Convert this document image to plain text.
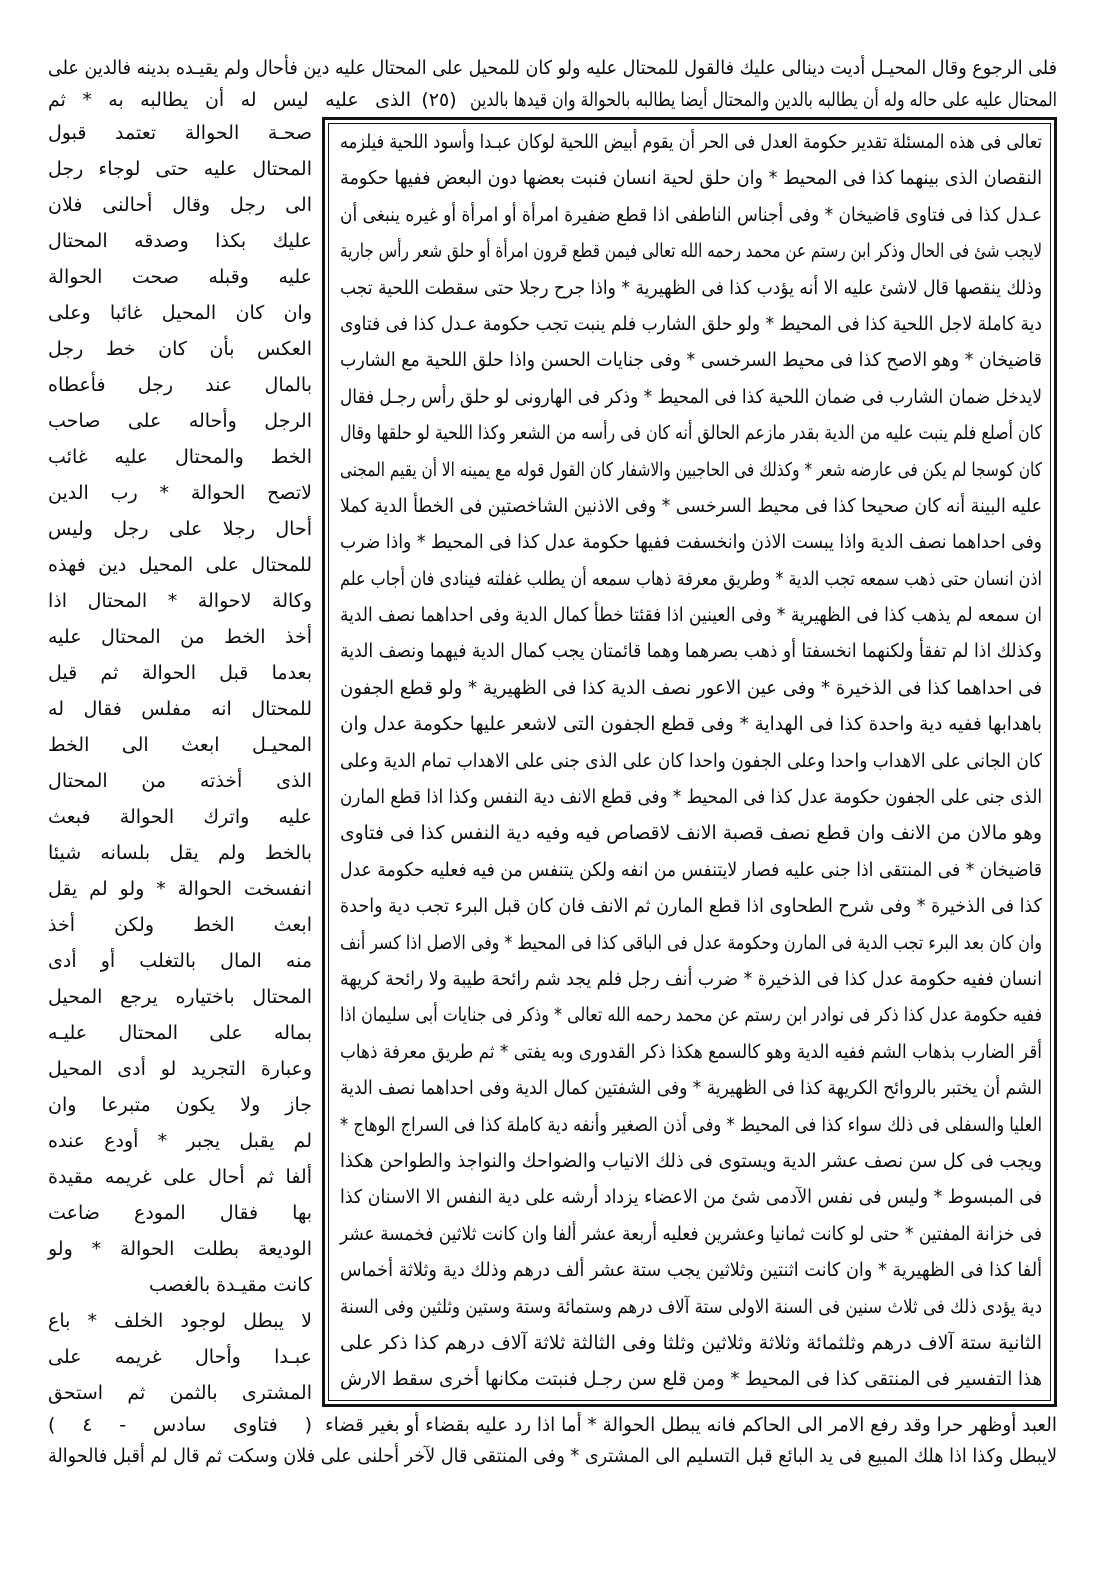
فلى الرجوع وقال المحيـل أديت دينالى عليك فالقول للمحتال عليه ولو كان للمحيل على المحتال عليه دين فأحال ولم يقيـده بدينه فالدين على
المحتال عليه على حاله وله أن يطالبه بالدين والمحتال أيضا يطالبه بالحوالة وان قيدها بالدين
(٢٥)
الذى عليه ليس له أن يطالبه به * ثم
تعالى فى هذه المسئلة تقدير حكومة العدل فى الحر أن يقوم أبيض اللحية لوكان عبـدا وأسود اللحية فيلزمه
النقصان الذى بينهما كذا فى المحيط * وان حلق لحية انسان فنبت بعضها دون البعض ففيها حكومة
عـدل كذا فى فتاوى قاضيخان * وفى أجناس الناطفى اذا قطع ضفيرة امرأة أو امرأة أو غيره ينبغى أن
لايجب شئ فى الحال وذكر ابن رستم عن محمد رحمه الله تعالى فيمن قطع قرون امرأة أو حلق شعر رأس جارية
وذلك ينقصها قال لاشئ عليه الا أنه يؤدب كذا فى الظهيرية * واذا جرح رجلا حتى سقطت اللحية تجب
دية كاملة لاجل اللحية كذا فى المحيط * ولو حلق الشارب فلم ينبت تجب حكومة عـدل كذا فى فتاوى
قاضيخان * وهو الاصح كذا فى محيط السرخسى * وفى جنايات الحسن واذا حلق اللحية مع الشارب
لايدخل ضمان الشارب فى ضمان اللحية كذا فى المحيط * وذكر فى الهارونى لو حلق رأس رجـل فقال
كان أصلع فلم ينبت عليه من الدية بقدر مازعم الحالق أنه كان فى رأسه من الشعر وكذا اللحية لو حلقها وقال
كان كوسجا لم يكن فى عارضه شعر * وكذلك فى الحاجبين والاشفار كان القول قوله مع يمينه الا أن يقيم المجنى
عليه البينة أنه كان صحيحا كذا فى محيط السرخسى * وفى الاذنين الشاخصتين فى الخطأ الدية كملا
وفى احداهما نصف الدية واذا يبست الاذن وانخسفت ففيها حكومة عدل كذا فى المحيط * واذا ضرب
اذن انسان حتى ذهب سمعه تجب الدية * وطريق معرفة ذهاب سمعه أن يطلب غفلته فينادى فان أجاب علم
ان سمعه لم يذهب كذا فى الظهيرية * وفى العينين اذا فقئتا خطأ كمال الدية وفى احداهما نصف الدية
وكذلك اذا لم تفقأ ولكنهما انخسفتا أو ذهب بصرهما وهما قائمتان يجب كمال الدية فيهما ونصف الدية
فى احداهما كذا فى الذخيرة * وفى عين الاعور نصف الدية كذا فى الظهيرية * ولو قطع الجفون
باهدابها ففيه دية واحدة كذا فى الهداية * وفى قطع الجفون التى لاشعر عليها حكومة عدل وان
كان الجانى على الاهداب واحدا وعلى الجفون واحدا كان على الذى جنى على الاهداب تمام الدية وعلى
الذى جنى على الجفون حكومة عدل كذا فى المحيط * وفى قطع الانف دية النفس وكذا اذا قطع المارن
وهو مالان من الانف وان قطع نصف قصبة الانف لاقصاص فيه وفيه دية النفس كذا فى فتاوى
قاضيخان * فى المنتقى اذا جنى عليه فصار لايتنفس من انفه ولكن يتنفس من فيه فعليه حكومة عدل
كذا فى الذخيرة * وفى شرح الطحاوى اذا قطع المارن ثم الانف فان كان قبل البرء تجب دية واحدة
وان كان بعد البرء تجب الدية فى المارن وحكومة عدل فى الباقى كذا فى المحيط * وفى الاصل اذا كسر أنف
انسان ففيه حكومة عدل كذا فى الذخيرة * ضرب أنف رجل فلم يجد شم رائحة طيبة ولا رائحة كريهة
ففيه حكومة عدل كذا ذكر فى نوادر ابن رستم عن محمد رحمه الله تعالى * وذكر فى جنايات أبى سليمان اذا
أقر الضارب بذهاب الشم ففيه الدية وهو كالسمع هكذا ذكر القدورى وبه يفتى * ثم طريق معرفة ذهاب
الشم أن يختبر بالروائح الكريهة كذا فى الظهيرية * وفى الشفتين كمال الدية وفى احداهما نصف الدية
العليا والسفلى فى ذلك سواء كذا فى المحيط * وفى أذن الصغير وأنفه دية كاملة كذا فى السراج الوهاج *
ويجب فى كل سن نصف عشر الدية ويستوى فى ذلك الانياب والضواحك والنواجذ والطواحن هكذا
فى المبسوط * وليس فى نفس الآدمى شئ من الاعضاء يزداد أرشه على دية النفس الا الاسنان كذا
فى خزانة المفتين * حتى لو كانت ثمانيا وعشرين فعليه أربعة عشر ألفا وان كانت ثلاثين فخمسة عشر
ألفا كذا فى الظهيرية * وان كانت اثنتين وثلاثين يجب ستة عشر ألف درهم وذلك دية وثلاثة أخماس
دية يؤدى ذلك فى ثلاث سنين فى السنة الاولى ستة آلاف درهم وستمائة وستة وستين وثلثين وفى السنة
الثانية ستة آلاف درهم وثلثمائة وثلاثة وثلاثين وثلثا وفى الثالثة ثلاثة آلاف درهم كذا ذكر على
هذا التفسير فى المنتقى كذا فى المحيط * ومن قلع سن رجـل فنبتت مكانها أخرى سقط الارش
صحـة الحوالة تعتمد قبول
المحتال عليه حتى لوجاء رجل
الى رجل وقال أحالنى فلان
عليك بكذا وصدقه المحتال
عليه وقبله صحت الحوالة
وان كان المحيل غائبا وعلى
العكس بأن كان خط رجل
بالمال عند رجل فأعطاه
الرجل وأحاله على صاحب
الخط والمحتال عليه غائب
لاتصح الحوالة * رب الدين
أحال رجلا على رجل وليس
للمحتال على المحيل دين فهذه
وكالة لاحوالة * المحتال اذا
أخذ الخط من المحتال عليه
بعدما قبل الحوالة ثم قيل
للمحتال انه مفلس فقال له
المحيـل ابعث الى الخط
الذى أخذته من المحتال
عليه واترك الحوالة فبعث
بالخط ولم يقل بلسانه شيئا
انفسخت الحوالة * ولو لم يقل
ابعث الخط ولكن أخذ
منه المال بالتغلب أو أدى
المحتال باختياره يرجع المحيل
بماله على المحتال عليـه
وعبارة التجريد لو أدى المحيل
جاز ولا يكون متبرعا وان
لم يقبل يجبر * أودع عنده
ألفا ثم أحال على غريمه مقيدة
بها فقال المودع ضاعت
الوديعة بطلت الحوالة * ولو
كانت مقيـدة بالغصب
لا يبطل لوجود الخلف * باع
عبـدا وأحال غريمه على
المشترى بالثمن ثم استحق
العبد أوظهر حرا وقد رفع الامر الى الحاكم فانه يبطل الحوالة * أما اذا رد عليه بقضاء أو بغير قضاء
( فتاوى سادس - ٤ )
لايبطل وكذا اذا هلك المبيع فى يد البائع قبل التسليم الى المشترى * وفى المنتقى قال لآخر أحلنى على فلان وسكت ثم قال لم أقبل فالحوالة
